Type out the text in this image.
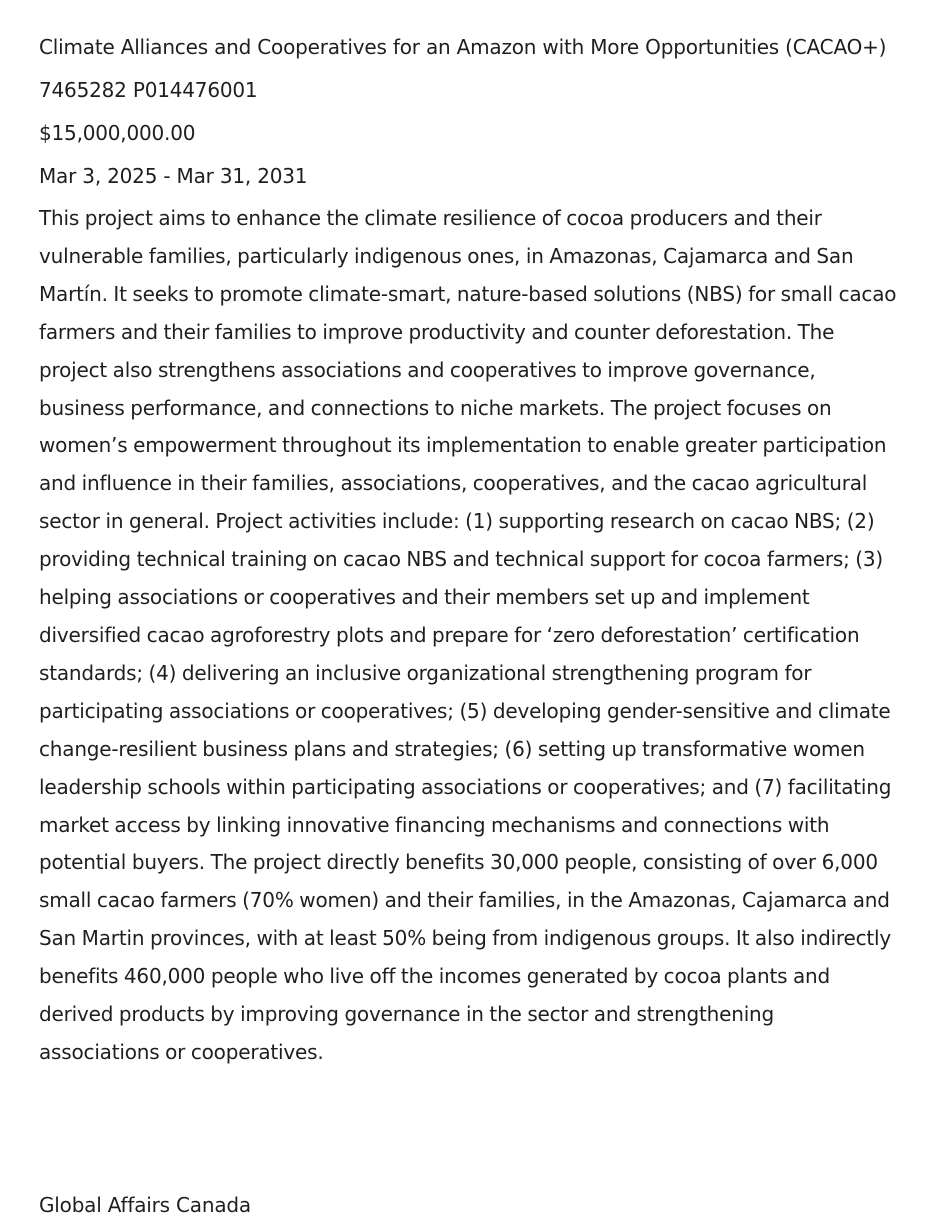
Climate Alliances and Cooperatives for an Amazon with More Opportunities (CACAO+)

7465282 P014476001

$15,000,000.00

Mar 3, 2025 - Mar 31, 2031

This project aims to enhance the climate resilience of cocoa producers and their vulnerable families, particularly indigenous ones, in Amazonas, Cajamarca and San Martín. It seeks to promote climate-smart, nature-based solutions (NBS) for small cacao farmers and their families to improve productivity and counter deforestation. The project also strengthens associations and cooperatives to improve governance, business performance, and connections to niche markets. The project focuses on women’s empowerment throughout its implementation to enable greater participation and influence in their families, associations, cooperatives, and the cacao agricultural sector in general. Project activities include: (1) supporting research on cacao NBS; (2) providing technical training on cacao NBS and technical support for cocoa farmers; (3) helping associations or cooperatives and their members set up and implement diversified cacao agroforestry plots and prepare for ‘zero deforestation’ certification standards; (4) delivering an inclusive organizational strengthening program for participating associations or cooperatives; (5) developing gender-sensitive and climate change-resilient business plans and strategies; (6) setting up transformative women leadership schools within participating associations or cooperatives; and (7) facilitating market access by linking innovative financing mechanisms and connections with potential buyers. The project directly benefits 30,000 people, consisting of over 6,000 small cacao farmers (70% women) and their families, in the Amazonas, Cajamarca and San Martin provinces, with at least 50% being from indigenous groups. It also indirectly benefits 460,000 people who live off the incomes generated by cocoa plants and derived products by improving governance in the sector and strengthening associations or cooperatives.

Global Affairs Canada
